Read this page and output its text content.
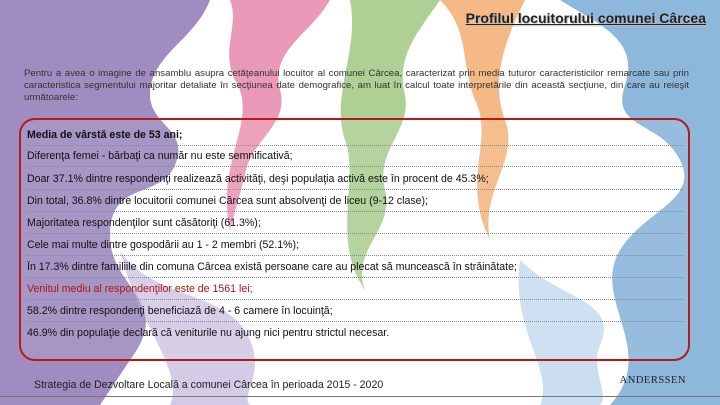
Profilul locuitorului comunei Cârcea

Pentru a avea o imagine de ansamblu asupra cetăţeanului locuitor al comunei Cârcea, caracterizat prin media tuturor caracteristicilor remarcate sau prin caracteristica segmentului majoritar detaliate în secţiunea date demografice, am luat în calcul toate interpretările din această secţiune, din care au reieşit următoarele:

Media de vârstă este de 53 ani;
Diferenţa femei - bărbaţi ca număr nu este semnificativă;
Doar 37.1% dintre respondenţi realizează activităţi, deşi populaţia activă este în procent de 45.3%;
Din total, 36.8% dintre locuitorii comunei Cârcea sunt absolvenţi de liceu (9-12 clase);
Majoritatea respondenţilor sunt căsătoriţi (61.3%);
Cele mai multe dintre gospodării au 1 - 2 membri (52.1%);
În 17.3% dintre familiile din comuna Cârcea există persoane care au plecat să muncească în străinătate;
Venitul mediu al respondenţilor este de 1561 lei;
58.2% dintre respondenţi beneficiază de 4 - 6 camere în locuinţă;
46.9% din populaţie declară că veniturile nu ajung nici pentru strictul necesar.

Strategia de Dezvoltare Locală a comunei Cârcea în perioada 2015 - 2020	ANDERSSEN
